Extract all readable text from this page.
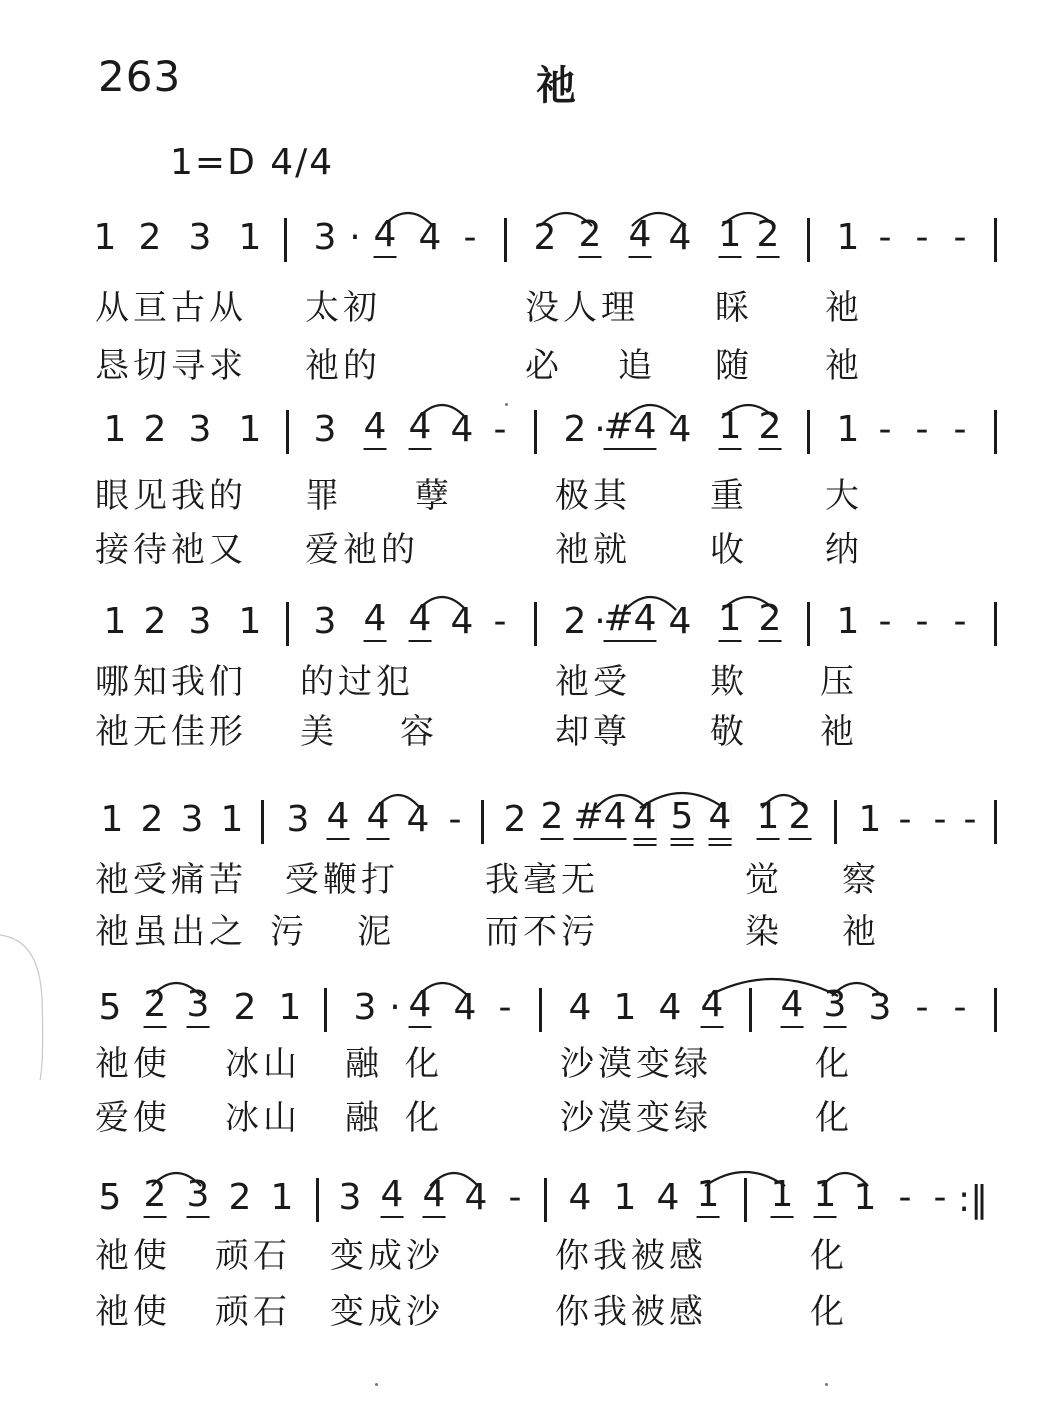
263	祂
1=D 4/4
1 2 3 1 3 · 4 4 - 2 2 4 4 1 2 1 - - -
从亘古从 太初	没人理 睬 祂
恳切寻求 祂的	必 追 随 祂
1 2 3 1 3 4 4 4 - 2 ·
#4 4 1 2 1 - - -
眼见我的 罪 孽	极其 重 大
接待祂又 爱祂的	祂就 收 纳
1 2 3 1 3 4 4 4 - 2 ·
#4 4 1 2 1 - - -
哪知我们 的过犯	祂受 欺 压
祂无佳形 美 容	却尊 敬 祂
1 2 3 1 3 4 4 4 - 2 2 #4 4 5 4 1 2 1 - - -
祂受痛苦 受鞭打	我毫无	觉 察
祂虽出之 污 泥	而不污	染 祂
5 2 3 2 1 3 · 4 4 - 4 1 4 4 4 3 3 - -
祂使 冰山 融 化	沙漠变绿	化
爱使 冰山 融 化	沙漠变绿	化
5 2 3 2 1 3 4 4 4 - 4 1 4 1 1 1 1 - - :‖
祂使 顽石 变成沙	你我被感	化
祂使 顽石 变成沙	你我被感	化
